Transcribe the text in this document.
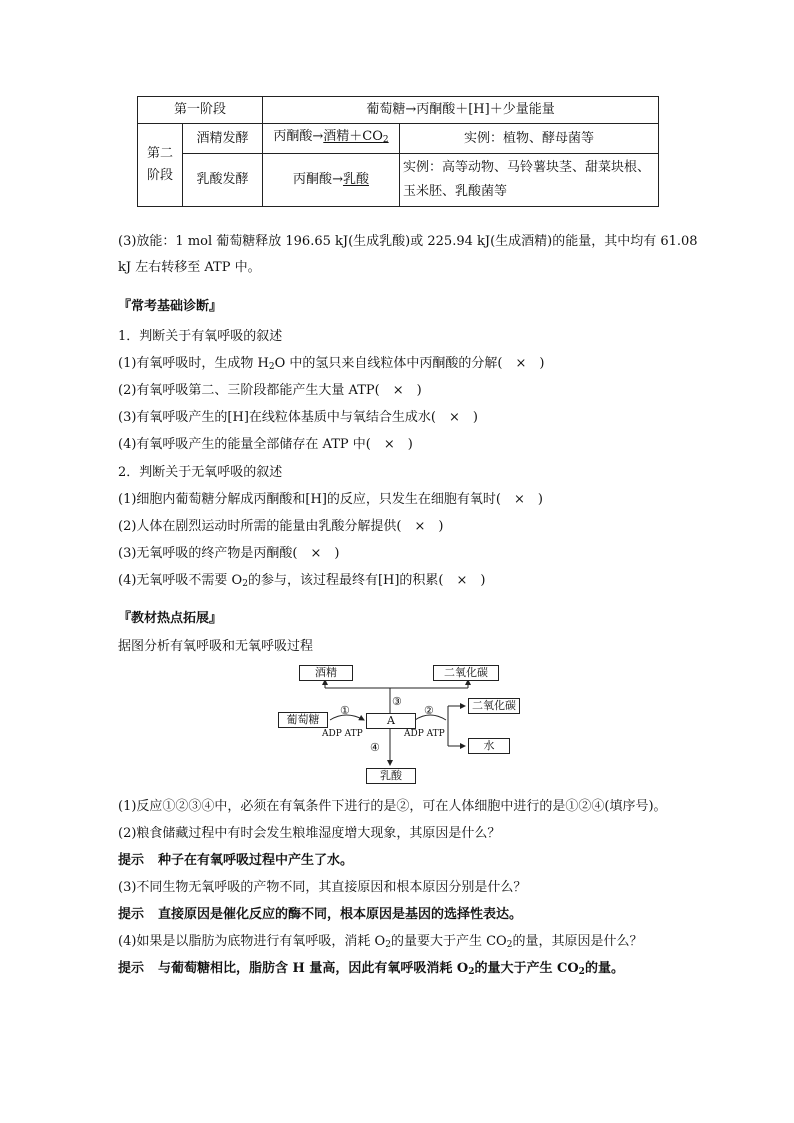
第一阶段		葡萄糖→丙酮酸＋[H]＋少量能量	
第二
阶段	酒精发酵	丙酮酸→酒精$+CO_2$	实例：植物、酵母菌等
	乳酸发酵	丙酮酸→乳酸	实例：高等动物、马铃薯块茎、甜菜块根、玉米胚、乳酸菌等
(3)放能：1 mol 葡萄糖释放 196.65 kJ(生成乳酸)或 225.94 kJ(生成酒精)的能量，其中均有 61.08
kJ 左右转移至 ATP 中。
『常考基础诊断』
1．判断关于有氧呼吸的叙述
(1)有氧呼吸时，生成物 $H_2O$ 中的氢只来自线粒体中丙酮酸的分解(　×　)
(2)有氧呼吸第二、三阶段都能产生大量 ATP(　×　)
(3)有氧呼吸产生的[H]在线粒体基质中与氧结合生成水(　×　)
(4)有氧呼吸产生的能量全部储存在 ATP 中(　×　)
2．判断关于无氧呼吸的叙述
(1)细胞内葡萄糖分解成丙酮酸和[H]的反应，只发生在细胞有氧时(　×　)
(2)人体在剧烈运动时所需的能量由乳酸分解提供(　×　)
(3)无氧呼吸的终产物是丙酮酸(　×　)
(4)无氧呼吸不需要 $O_2$的参与，该过程最终有[H]的积累(　×　)
『教材热点拓展』
据图分析有氧呼吸和无氧呼吸过程
酒精	二氧化碳
葡萄糖	A
二氧化碳
水
乳酸
①	②
③
④
ADP ATP	ADP ATP
(1)反应①②③④中，必须在有氧条件下进行的是②，可在人体细胞中进行的是①②④(填序号)。
(2)粮食储藏过程中有时会发生粮堆湿度增大现象，其原因是什么？
提示 种子在有氧呼吸过程中产生了水。
(3)不同生物无氧呼吸的产物不同，其直接原因和根本原因分别是什么？
提示 直接原因是催化反应的酶不同，根本原因是基因的选择性表达。
(4)如果是以脂肪为底物进行有氧呼吸，消耗 $O_2$的量要大于产生 $CO_2$的量，其原因是什么？
提示 与葡萄糖相比，脂肪含 H 量高，因此有氧呼吸消耗 $O_2$的量大于产生 $CO_2$的量。
